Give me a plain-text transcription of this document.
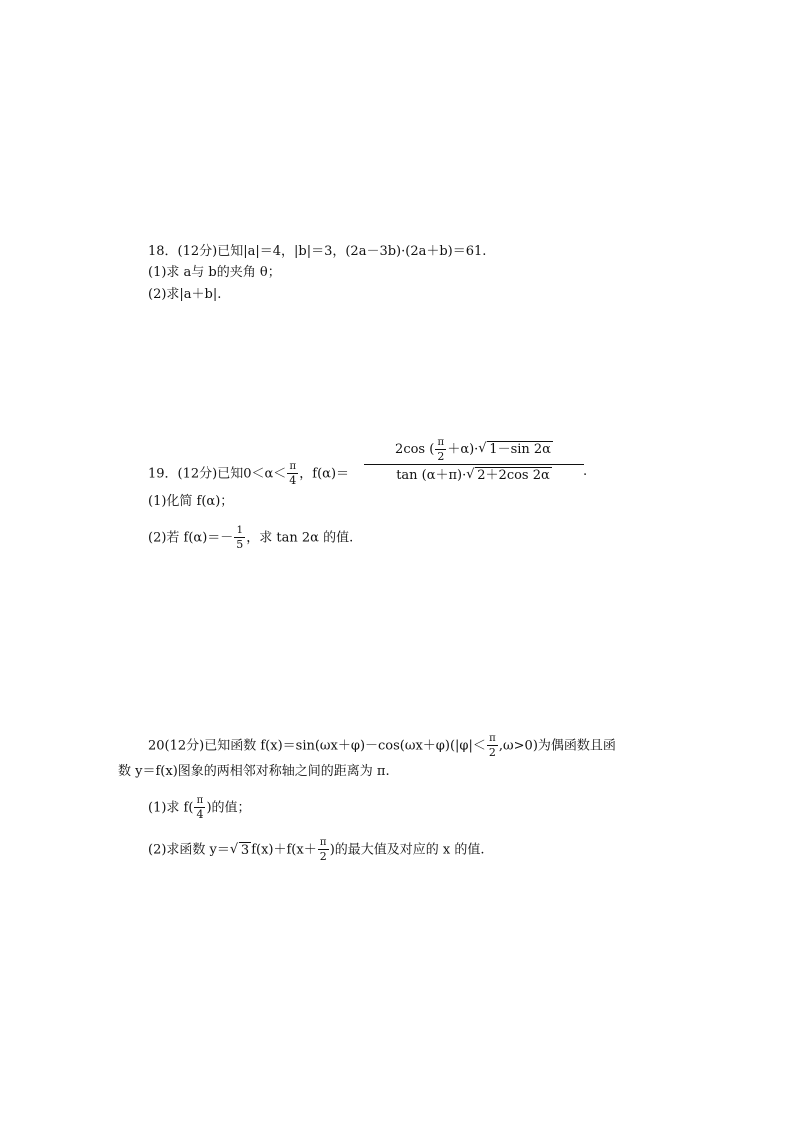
18．(12分)已知|a|＝4，|b|＝3，(2a－3b)·(2a＋b)＝61.
(1)求 a与 b的夹角 θ；
(2)求|a＋b|.
19．(12分)已知$0<\alpha< \frac{\pi}{4}$ ，$f(\alpha)= \frac{2\cos ( \frac{\pi}{2} +\alpha)\cdot √ 1-\sin 2\alpha}{\tan (\alpha+\pi)\cdot √ 2+2\cos 2\alpha}$ .
(1)化简 f(α)；
(2)若 $f(\alpha)=- \frac{1}{5}$ ，求 tan 2α 的值.
20(12分)已知函数 $f(x)=\sin(\omega x+\varphi)-\cos(\omega x+\varphi)(|\varphi|< \frac{\pi}{2} ,\omega>0)$为偶函数且函
数 y＝f(x)图象的两相邻对称轴之间的距离为 π.
(1)求 $f( \frac{\pi}{4}$ )的值；
(2)求函数 y＝ √ 3 $f(x)+f(x+ \frac{\pi}{2}$ )的最大值及对应的 x 的值.
